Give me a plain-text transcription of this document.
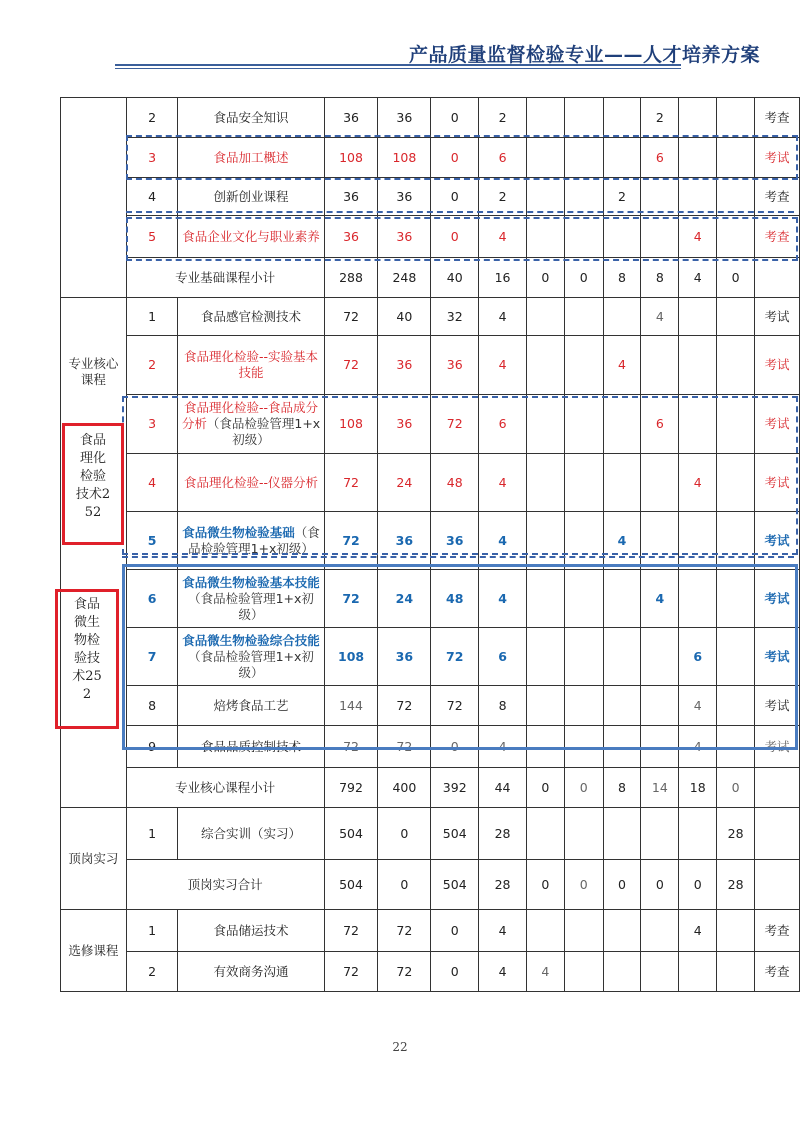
产品质量监督检验专业——人才培养方案
	2	食品安全知识	36	36	0	2				2			考查
	3	食品加工概述	108	108	0	6				6			考试
	4	创新创业课程	36	36	0	2			2				考查
	5	食品企业文化与职业素养	36	36	0	4					4		考查
	专业基础课程小计		288	248	40	16	0	0	8	8	4	0	
专业核心课程	1	食品感官检测技术	72	40	32	4				4			考试
	2	食品理化检验--实验基本技能	72	36	36	4			4				考试
	3	食品理化检验--食品成分分析（食品检验管理1+x初级）	108	36	72	6				6			考试
	4	食品理化检验--仪器分析	72	24	48	4					4		考试
	5	食品微生物检验基础（食品检验管理1+x初级）	72	36	36	4			4				考试
	6	食品微生物检验基本技能（食品检验管理1+x初级）	72	24	48	4				4			考试
	7	食品微生物检验综合技能（食品检验管理1+x初级）	108	36	72	6					6		考试
	8	焙烤食品工艺	144	72	72	8					4		考试
	9	食品品质控制技术	72	72	0	4					4		考试
	专业核心课程小计		792	400	392	44	0	0	8	14	18	0	
顶岗实习	1	综合实训（实习）	504	0	504	28						28	
	顶岗实习合计		504	0	504	28	0	0	0	0	0	28	
选修课程	1	食品储运技术	72	72	0	4					4		考查
	2	有效商务沟通	72	72	0	4	4						考查
食品理化检验技术252
食品微生物检验技术252
22
